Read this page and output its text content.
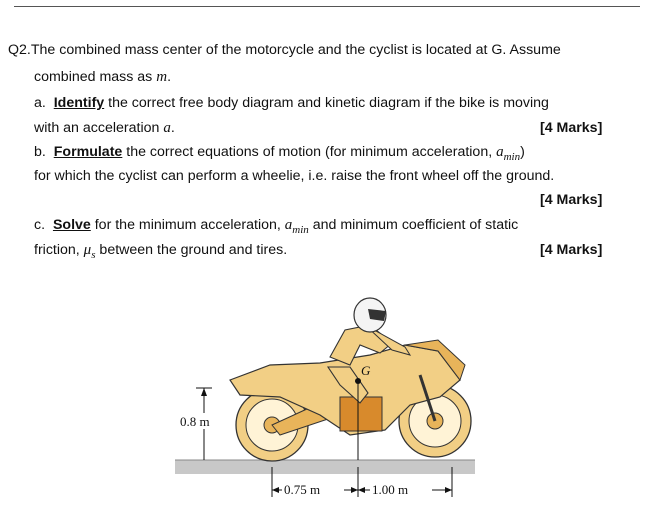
Q2.The combined mass center of the motorcycle and the cyclist is located at G. Assume
combined mass as m.
a. Identify the correct free body diagram and kinetic diagram if the bike is moving
with an acceleration a.	[4 Marks]
b. Formulate the correct equations of motion (for minimum acceleration, $a_{min}$)
for which the cyclist can perform a wheelie, i.e. raise the front wheel off the ground.
[4 Marks]
c. Solve for the minimum acceleration, $a_{min}$ and minimum coefficient of static
friction, $\mu_s$ between the ground and tires.	[4 Marks]
G
0.8 m
0.75 m	1.00 m
